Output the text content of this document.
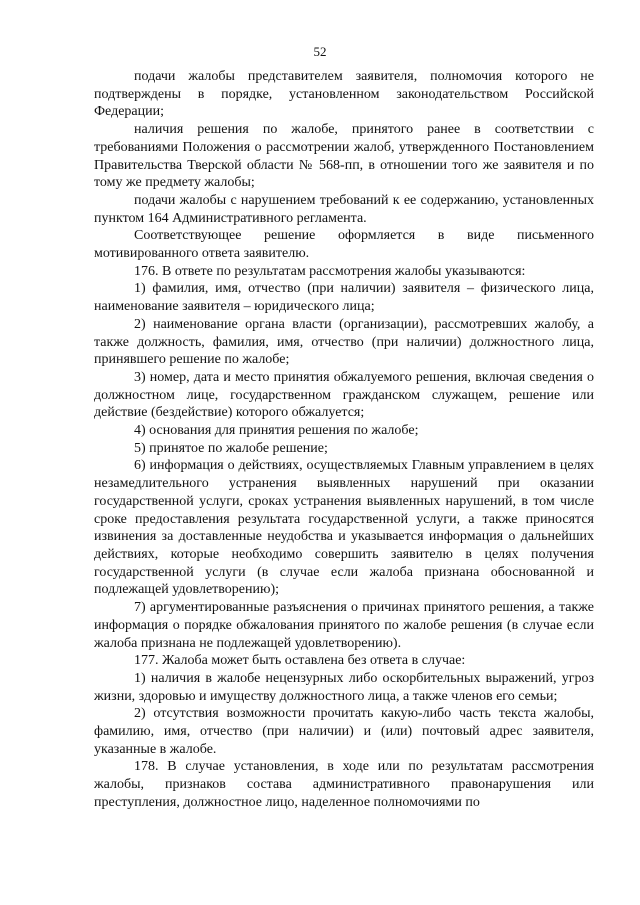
52

подачи жалобы представителем заявителя, полномочия которого не подтверждены в порядке, установленном законодательством Российской Федерации;

наличия решения по жалобе, принятого ранее в соответствии с требованиями Положения о рассмотрении жалоб, утвержденного Постановлением Правительства Тверской области № 568-пп, в отношении того же заявителя и по тому же предмету жалобы;

подачи жалобы с нарушением требований к ее содержанию, установленных пунктом 164 Административного регламента.

Соответствующее решение оформляется в виде письменного мотивированного ответа заявителю.

176. В ответе по результатам рассмотрения жалобы указываются:

1) фамилия, имя, отчество (при наличии) заявителя – физического лица, наименование заявителя – юридического лица;

2) наименование органа власти (организации), рассмотревших жалобу, а также должность, фамилия, имя, отчество (при наличии) должностного лица, принявшего решение по жалобе;

3) номер, дата и место принятия обжалуемого решения, включая сведения о должностном лице, государственном гражданском служащем, решение или действие (бездействие) которого обжалуется;

4) основания для принятия решения по жалобе;

5) принятое по жалобе решение;

6) информация о действиях, осуществляемых Главным управлением в целях незамедлительного устранения выявленных нарушений при оказании государственной услуги, сроках устранения выявленных нарушений, в том числе сроке предоставления результата государственной услуги, а также приносятся извинения за доставленные неудобства и указывается информация о дальнейших действиях, которые необходимо совершить заявителю в целях получения государственной услуги (в случае если жалоба признана обоснованной и подлежащей удовлетворению);

7) аргументированные разъяснения о причинах принятого решения, а также информация о порядке обжалования принятого по жалобе решения (в случае если жалоба признана не подлежащей удовлетворению).

177. Жалоба может быть оставлена без ответа в случае:

1) наличия в жалобе нецензурных либо оскорбительных выражений, угроз жизни, здоровью и имуществу должностного лица, а также членов его семьи;

2) отсутствия возможности прочитать какую-либо часть текста жалобы, фамилию, имя, отчество (при наличии) и (или) почтовый адрес заявителя, указанные в жалобе.

178. В случае установления, в ходе или по результатам рассмотрения жалобы, признаков состава административного правонарушения или преступления, должностное лицо, наделенное полномочиями по
